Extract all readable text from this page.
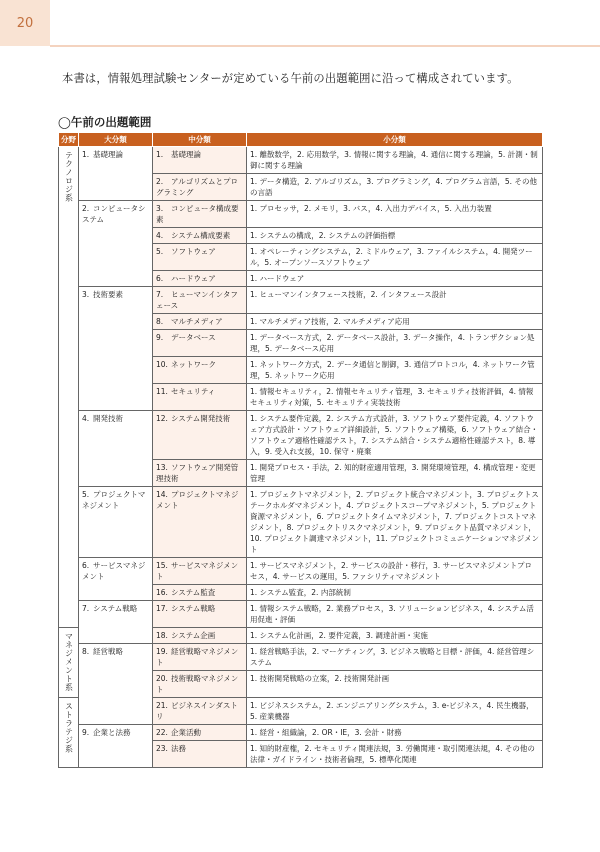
20
本書は，情報処理試験センターが定めている午前の出題範囲に沿って構成されています。
◯午前の出題範囲
分野	大分類	中分類	小分類

テクノロジ系	1. 基礎理論	1. 基礎理論	1. 離散数学，2. 応用数学，3. 情報に関する理論，4. 通信に関する理論，5. 計測・制御に関する理論
		2. アルゴリズムとプログラミング	1. データ構造，2. アルゴリズム，3. プログラミング，4. プログラム言語，5. その他の言語
	2. コンピュータシステム	3. コンピュータ構成要素	1. プロセッサ，2. メモリ，3. バス，4. 入出力デバイス，5. 入出力装置
		4. システム構成要素	1. システムの構成，2. システムの評価指標
		5. ソフトウェア	1. オペレーティングシステム，2. ミドルウェア，3. ファイルシステム，4. 開発ツール，5. オープンソースソフトウェア
		6. ハードウェア	1. ハードウェア
	3. 技術要素	7. ヒューマンインタフェース	1. ヒューマンインタフェース技術，2. インタフェース設計
		8. マルチメディア	1. マルチメディア技術，2. マルチメディア応用
		9. データベース	1. データベース方式，2. データベース設計，3. データ操作，4. トランザクション処理，5. データベース応用
		10. ネットワーク	1. ネットワーク方式，2. データ通信と制御，3. 通信プロトコル，4. ネットワーク管理，5. ネットワーク応用
		11. セキュリティ	1. 情報セキュリティ，2. 情報セキュリティ管理，3. セキュリティ技術評価，4. 情報セキュリティ対策，5. セキュリティ実装技術
	4. 開発技術	12. システム開発技術	1. システム要件定義，2. システム方式設計，3. ソフトウェア要件定義，4. ソフトウェア方式設計・ソフトウェア詳細設計，5. ソフトウェア構築，6. ソフトウェア結合・ソフトウェア適格性確認テスト，7. システム結合・システム適格性確認テスト，8. 導入，9. 受入れ支援，10. 保守・廃棄
		13. ソフトウェア開発管理技術	1. 開発プロセス・手法，2. 知的財産適用管理，3. 開発環境管理，4. 構成管理・変更管理
	5. プロジェクトマネジメント	14. プロジェクトマネジメント	1. プロジェクトマネジメント，2. プロジェクト統合マネジメント，3. プロジェクトステークホルダマネジメント，4. プロジェクトスコープマネジメント，5. プロジェクト資源マネジメント，6. プロジェクトタイムマネジメント，7. プロジェクトコストマネジメント，8. プロジェクトリスクマネジメント，9. プロジェクト品質マネジメント，10. プロジェクト調達マネジメント，11. プロジェクトコミュニケーションマネジメント
	6. サービスマネジメント	15. サービスマネジメント	1. サービスマネジメント，2. サービスの設計・移行，3. サービスマネジメントプロセス，4. サービスの運用，5. ファシリティマネジメント
		16. システム監査	1. システム監査，2. 内部統制
	7. システム戦略	17. システム戦略	1. 情報システム戦略，2. 業務プロセス，3. ソリューションビジネス，4. システム活用促進・評価

マネジメント系		18. システム企画	1. システム化計画，2. 要件定義，3. 調達計画・実施
	8. 経営戦略	19. 経営戦略マネジメント	1. 経営戦略手法，2. マーケティング，3. ビジネス戦略と目標・評価，4. 経営管理システム
		20. 技術戦略マネジメント	1. 技術開発戦略の立案，2. 技術開発計画

ストラテジ系		21. ビジネスインダストリ	1. ビジネスシステム，2. エンジニアリングシステム，3. e-ビジネス，4. 民生機器，5. 産業機器
	9. 企業と法務	22. 企業活動	1. 経営・組織論，2. OR・IE，3. 会計・財務
		23. 法務	1. 知的財産権，2. セキュリティ関連法規，3. 労働関連・取引関連法規，4. その他の法律・ガイドライン・技術者倫理，5. 標準化関連
